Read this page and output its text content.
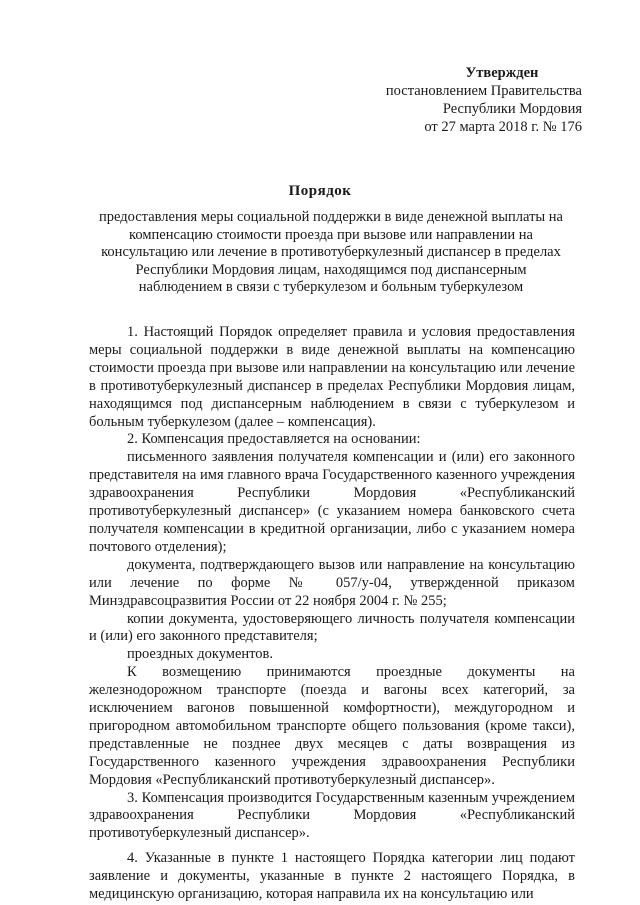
Утвержден
постановлением Правительства
Республики Мордовия
от 27 марта 2018 г. № 176
Порядок
предоставления меры социальной поддержки в виде денежной выплаты на компенсацию стоимости проезда при вызове или направлении на консультацию или лечение в противотуберкулезный диспансер в пределах Республики Мордовия лицам, находящимся под диспансерным наблюдением в связи с туберкулезом и больным туберкулезом

1. Настоящий Порядок определяет правила и условия предоставления меры социальной поддержки в виде денежной выплаты на компенсацию стоимости проезда при вызове или направлении на консультацию или лечение в противотуберкулезный диспансер в пределах Республики Мордовия лицам, находящимся под диспансерным наблюдением в связи с туберкулезом и больным туберкулезом (далее – компенсация).

2. Компенсация предоставляется на основании:

письменного заявления получателя компенсации и (или) его законного представителя на имя главного врача Государственного казенного учреждения здравоохранения Республики Мордовия «Республиканский противотуберкулезный диспансер» (с указанием номера банковского счета получателя компенсации в кредитной организации, либо с указанием номера почтового отделения);

документа, подтверждающего вызов или направление на консультацию или лечение по форме № 057/у-04, утвержденной приказом Минздравсоцразвития России от 22 ноября 2004 г. № 255;

копии документа, удостоверяющего личность получателя компенсации и (или) его законного представителя;

проездных документов.

К возмещению принимаются проездные документы на железнодорожном транспорте (поезда и вагоны всех категорий, за исключением вагонов повышенной комфортности), междугородном и пригородном автомобильном транспорте общего пользования (кроме такси), представленные не позднее двух месяцев с даты возвращения из Государственного казенного учреждения здравоохранения Республики Мордовия «Республиканский противотуберкулезный диспансер».

3. Компенсация производится Государственным казенным учреждением здравоохранения Республики Мордовия «Республиканский противотуберкулезный диспансер».

4. Указанные в пункте 1 настоящего Порядка категории лиц подают заявление и документы, указанные в пункте 2 настоящего Порядка, в медицинскую организацию, которая направила их на консультацию или
